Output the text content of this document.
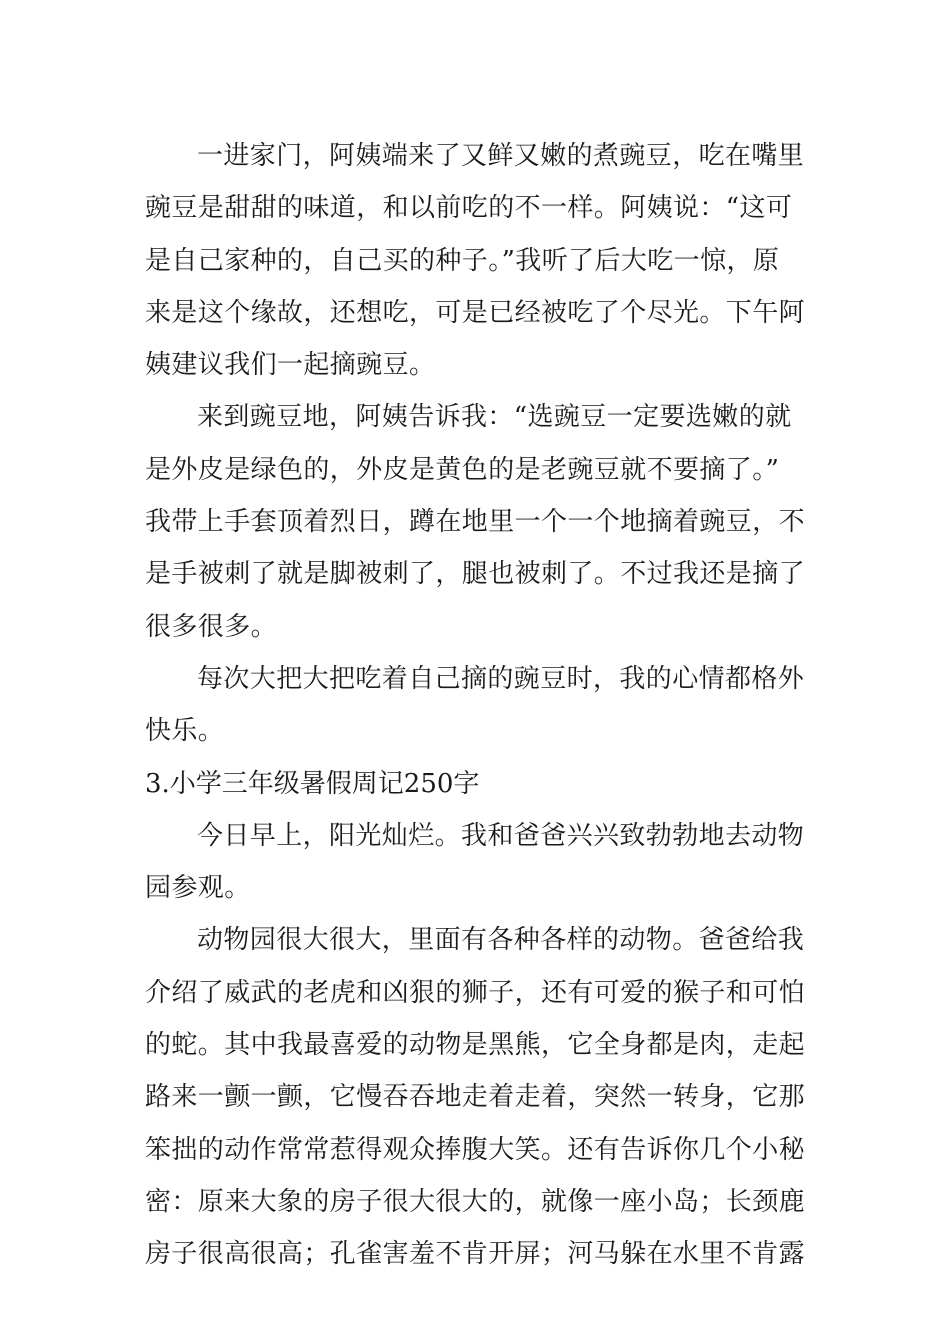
一进家门，阿姨端来了又鲜又嫩的煮豌豆，吃在嘴里
豌豆是甜甜的味道，和以前吃的不一样。阿姨说：“这可
是自己家种的，自己买的种子。”我听了后大吃一惊，原
来是这个缘故，还想吃，可是已经被吃了个尽光。下午阿
姨建议我们一起摘豌豆。
来到豌豆地，阿姨告诉我：“选豌豆一定要选嫩的就
是外皮是绿色的，外皮是黄色的是老豌豆就不要摘了。”
我带上手套顶着烈日，蹲在地里一个一个地摘着豌豆，不
是手被刺了就是脚被刺了，腿也被刺了。不过我还是摘了
很多很多。
每次大把大把吃着自己摘的豌豆时，我的心情都格外
快乐。
3.小学三年级暑假周记250字
今日早上，阳光灿烂。我和爸爸兴兴致勃勃地去动物
园参观。
动物园很大很大，里面有各种各样的动物。爸爸给我
介绍了威武的老虎和凶狠的狮子，还有可爱的猴子和可怕
的蛇。其中我最喜爱的动物是黑熊，它全身都是肉，走起
路来一颤一颤，它慢吞吞地走着走着，突然一转身，它那
笨拙的动作常常惹得观众捧腹大笑。还有告诉你几个小秘
密：原来大象的房子很大很大的，就像一座小岛；长颈鹿
房子很高很高；孔雀害羞不肯开屏；河马躲在水里不肯露
